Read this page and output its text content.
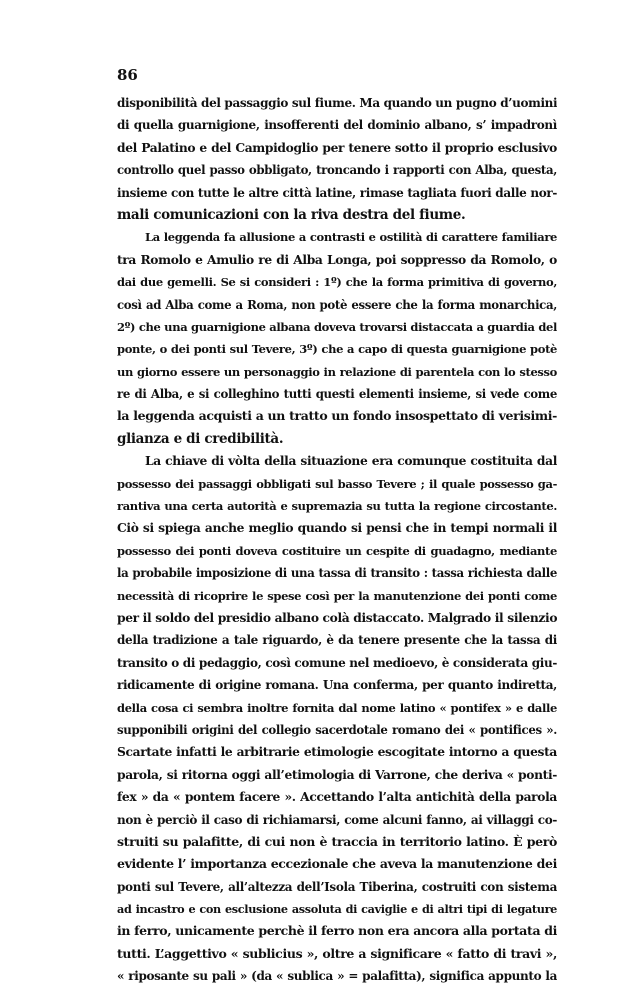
86
disponibilità del passaggio sul fiume. Ma quando un pugno d’uomini
di quella guarnigione, insofferenti del dominio albano, s’ impadronì
del Palatino e del Campidoglio per tenere sotto il proprio esclusivo
controllo quel passo obbligato, troncando i rapporti con Alba, questa,
insieme con tutte le altre città latine, rimase tagliata fuori dalle nor-
mali comunicazioni con la riva destra del fiume.
La leggenda fa allusione a contrasti e ostilità di carattere familiare
tra Romolo e Amulio re di Alba Longa, poi soppresso da Romolo, o
dai due gemelli. Se si consideri : 1º) che la forma primitiva di governo,
così ad Alba come a Roma, non potè essere che la forma monarchica,
2º) che una guarnigione albana doveva trovarsi distaccata a guardia del
ponte, o dei ponti sul Tevere, 3º) che a capo di questa guarnigione potè
un giorno essere un personaggio in relazione di parentela con lo stesso
re di Alba, e si colleghino tutti questi elementi insieme, si vede come
la leggenda acquisti a un tratto un fondo insospettato di verisimi-
glianza e di credibilità.
La chiave di vòlta della situazione era comunque costituita dal
possesso dei passaggi obbligati sul basso Tevere ; il quale possesso ga-
rantiva una certa autorità e supremazia su tutta la regione circostante.
Ciò si spiega anche meglio quando si pensi che in tempi normali il
possesso dei ponti doveva costituire un cespite di guadagno, mediante
la probabile imposizione di una tassa di transito : tassa richiesta dalle
necessità di ricoprire le spese così per la manutenzione dei ponti come
per il soldo del presidio albano colà distaccato. Malgrado il silenzio
della tradizione a tale riguardo, è da tenere presente che la tassa di
transito o di pedaggio, così comune nel medioevo, è considerata giu-
ridicamente di origine romana. Una conferma, per quanto indiretta,
della cosa ci sembra inoltre fornita dal nome latino « pontifex » e dalle
supponibili origini del collegio sacerdotale romano dei « pontifices ».
Scartate infatti le arbitrarie etimologie escogitate intorno a questa
parola, si ritorna oggi all’etimologia di Varrone, che deriva « ponti-
fex » da « pontem facere ». Accettando l’alta antichità della parola
non è perciò il caso di richiamarsi, come alcuni fanno, ai villaggi co-
struiti su palafitte, di cui non è traccia in territorio latino. È però
evidente l’ importanza eccezionale che aveva la manutenzione dei
ponti sul Tevere, all’altezza dell’Isola Tiberina, costruiti con sistema
ad incastro e con esclusione assoluta di caviglie e di altri tipi di legature
in ferro, unicamente perchè il ferro non era ancora alla portata di
tutti. L’aggettivo « sublicius », oltre a significare « fatto di travi »,
« riposante su pali » (da « sublica » = palafitta), significa appunto la
